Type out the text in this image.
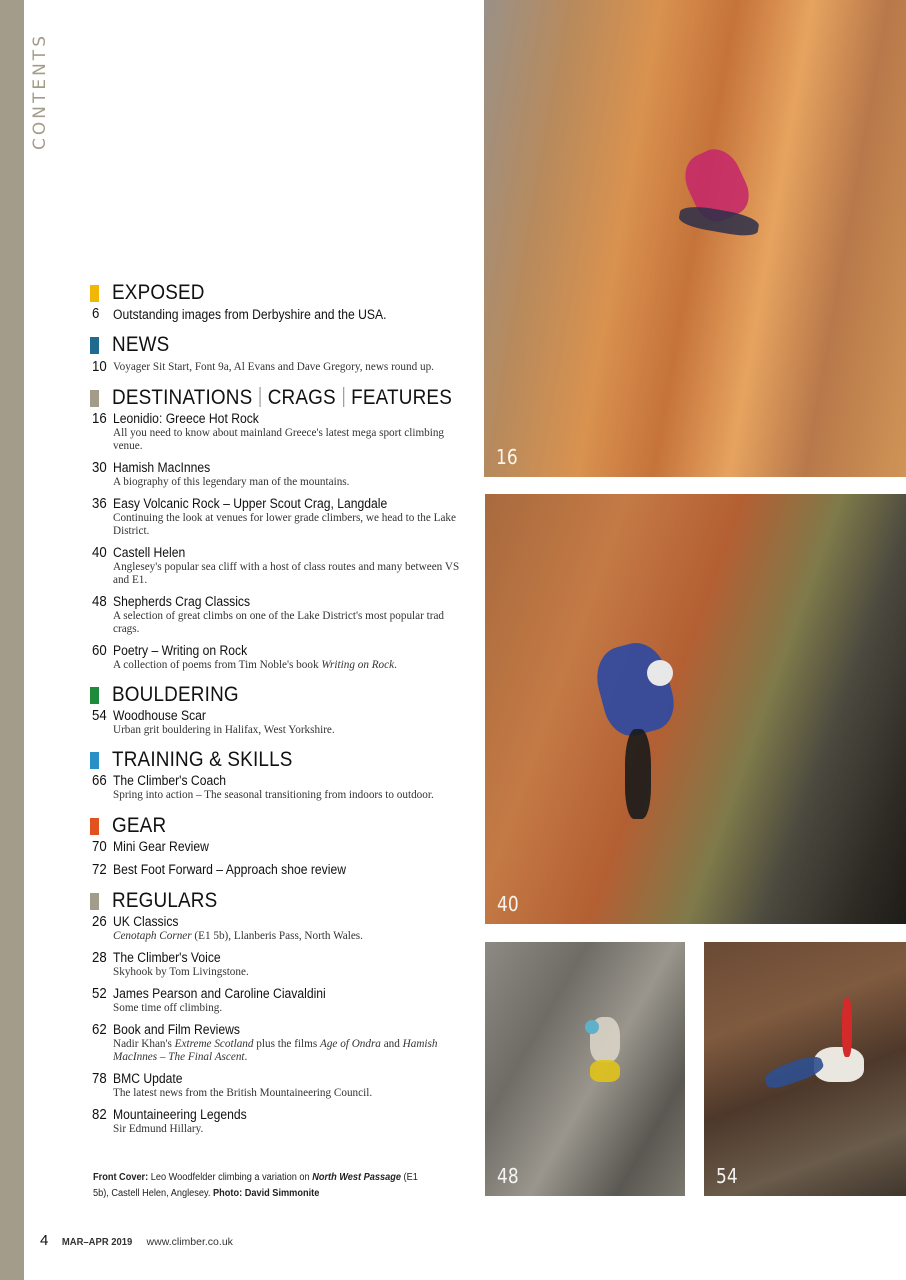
CONTENTS
EXPOSED
6 Outstanding images from Derbyshire and the USA.
NEWS
10 Voyager Sit Start, Font 9a, Al Evans and Dave Gregory, news round up.
DESTINATIONS CRAGS FEATURES
16 Leonidio: Greece Hot Rock
All you need to know about mainland Greece's latest mega sport climbing venue.
30 Hamish MacInnes
A biography of this legendary man of the mountains.
36 Easy Volcanic Rock – Upper Scout Crag, Langdale
Continuing the look at venues for lower grade climbers, we head to the Lake District.
40 Castell Helen
Anglesey's popular sea cliff with a host of class routes and many between VS and E1.
48 Shepherds Crag Classics
A selection of great climbs on one of the Lake District's most popular trad crags.
60 Poetry – Writing on Rock
A collection of poems from Tim Noble's book Writing on Rock.
BOULDERING
54 Woodhouse Scar
Urban grit bouldering in Halifax, West Yorkshire.
TRAINING & SKILLS
66 The Climber's Coach
Spring into action – The seasonal transitioning from indoors to outdoor.
GEAR
70 Mini Gear Review
72 Best Foot Forward – Approach shoe review
REGULARS
26 UK Classics
Cenotaph Corner (E1 5b), Llanberis Pass, North Wales.
28 The Climber's Voice
Skyhook by Tom Livingstone.
52 James Pearson and Caroline Ciavaldini
Some time off climbing.
62 Book and Film Reviews
Nadir Khan's Extreme Scotland plus the films Age of Ondra and Hamish MacInnes – The Final Ascent.
78 BMC Update
The latest news from the British Mountaineering Council.
82 Mountaineering Legends
Sir Edmund Hillary.
Front Cover: Leo Woodfelder climbing a variation on North West Passage (E1 5b), Castell Helen, Anglesey. Photo: David Simmonite
16
40
48	54
4 MAR–APR 2019 www.climber.co.uk
